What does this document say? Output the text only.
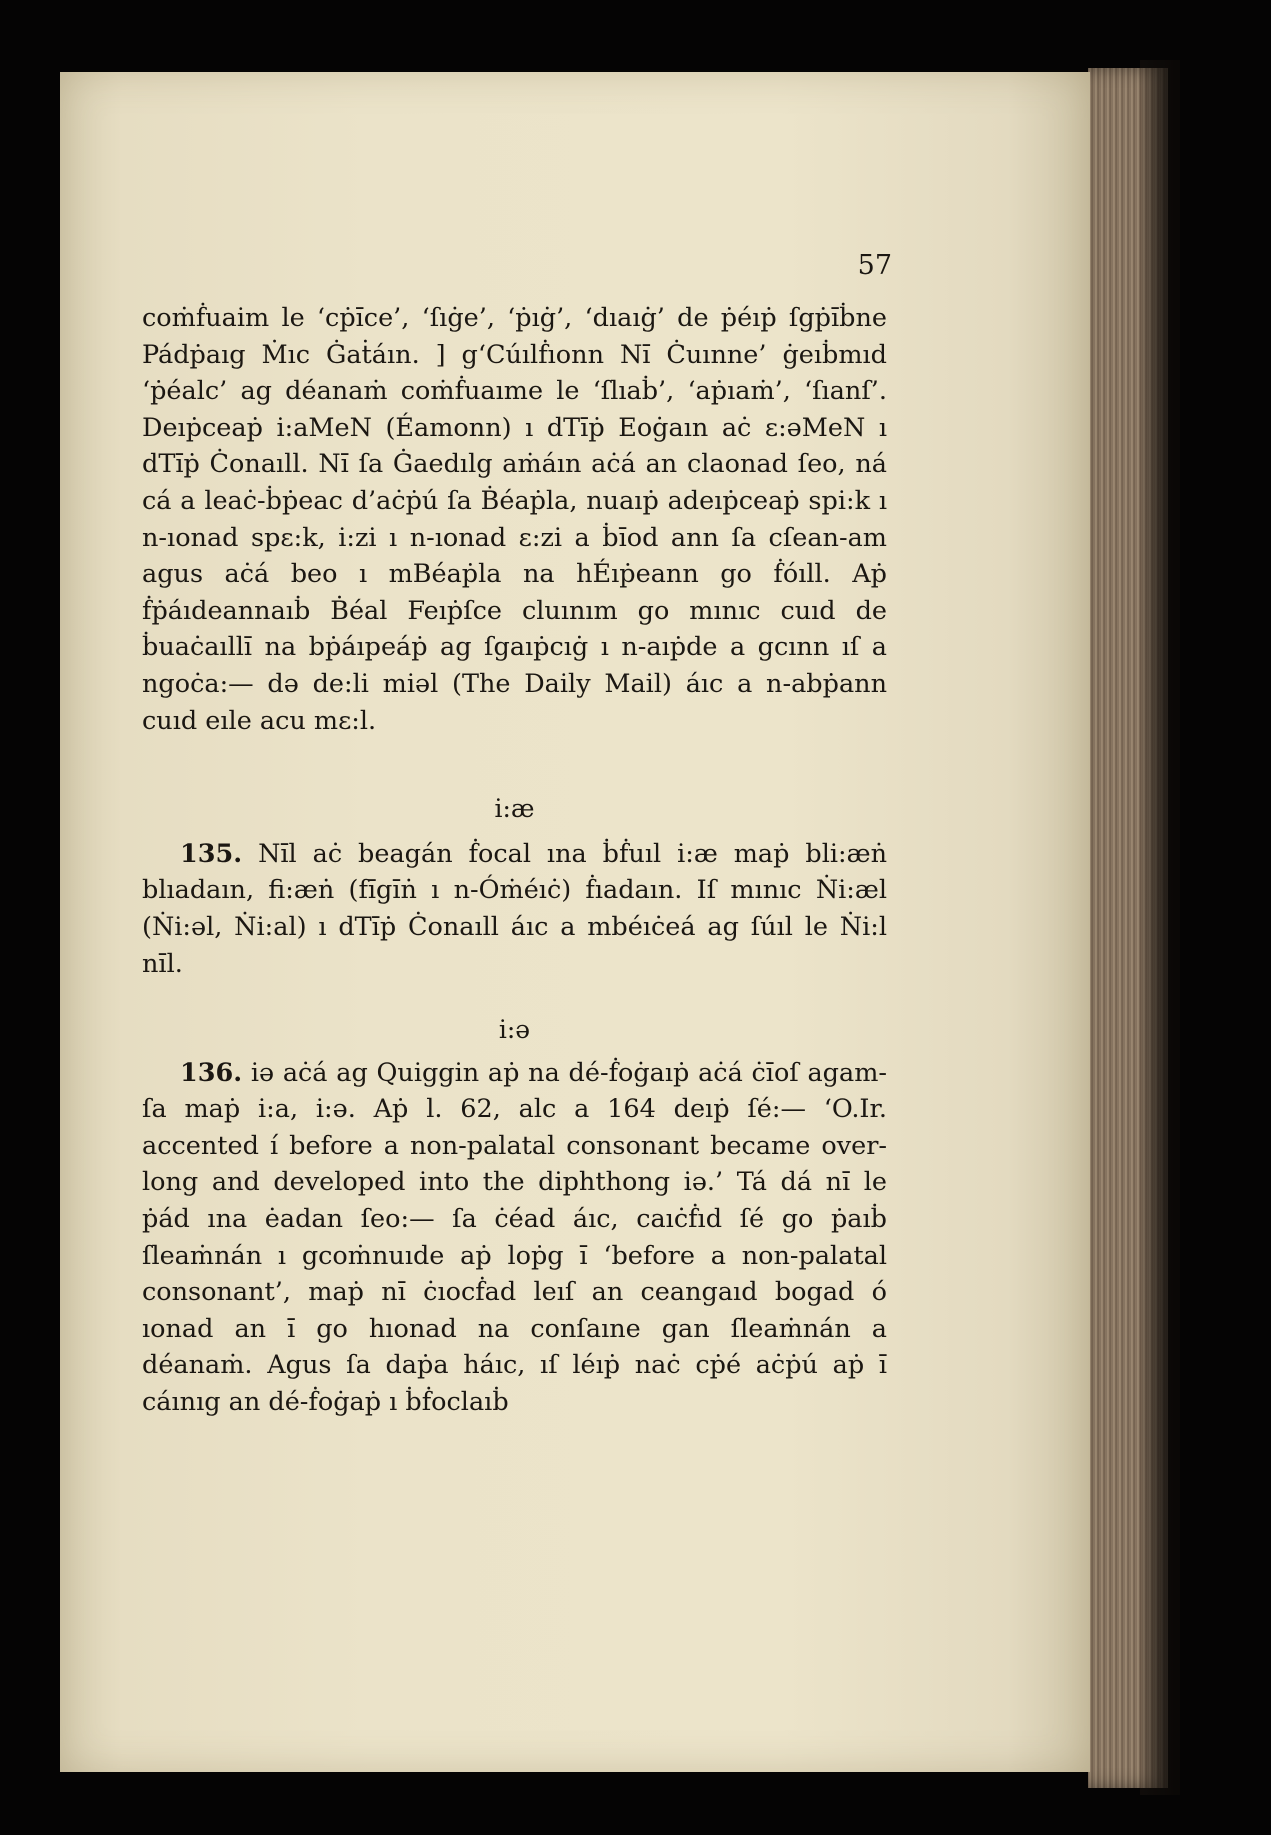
57

coṁḟuaim le ‘cṗı̄ce’, ‘ſıġe’, ‘ṗıġ’, ‘dıaıġ’ de ṗéıṗ ſgṗı̄ḃne Pádṗaıg Ṁıc Ġaṫáın. ] g‘Cúılḟıonn Nı̄ Ċuınne’ ġeıḃmıd ‘ṗéalc’ ag déanaṁ coṁḟuaıme le ‘ſlıaḃ’, ‘aṗıaṁ’, ‘ſıanſ’. Deıṗceaṗ i:aMeN (Éamonn) ı dTı̄ṗ Eoġaın aċ ɛ:əMeN ı dTı̄ṗ Ċonaıll. Nı̄ ſa Ġaedılg aṁáın aċá an claonad ſeo, ná cá a leaċ-ḃṗeac d’aċṗú ſa Ḃéaṗla, nuaıṗ adeıṗceaṗ spi:k ı n-ıonad spɛ:k, i:zi ı n-ıonad ɛ:zi a ḃı̄od ann ſa cſean-am agus aċá beo ı mBéaṗla na hÉıṗeann go ḟóıll. Aṗ ḟṗáıdeannaıḃ Ḃéal Feıṗſce cluınım go mınıc cuıd de ḃuaċaıllı̄ na bṗáıpeáṗ ag ſgaıṗcıġ ı n-aıṗde a gcınn ıſ a ngoċa:— də de:li miəl (The Daily Mail) áıc a n-abṗann cuıd eıle acu mɛ:l.

i:æ

135. Nı̄l aċ beagán ḟocal ına ḃḟuıl i:æ maṗ bli:æṅ blıadaın, fi:æṅ (fı̄gı̄ṅ ı n-Óṁéıċ) ḟıadaın. Iſ mınıc Ṅi:æl (Ṅi:əl, Ṅi:al) ı dTı̄ṗ Ċonaıll áıc a mbéıċeá ag ſúıl le Ṅi:l nı̄l.

i:ə

136. iə aċá ag Quiggin aṗ na dé-ḟoġaıṗ aċá ċı̄oſ agam-ſa maṗ i:a, i:ə. Aṗ l. 62, alc a 164 deıṗ ſé:— ‘O.Ir. accented í before a non-palatal consonant became over-long and developed into the diphthong iə.’ Tá dá nı̄ le ṗád ına ėadan ſeo:— ſa ċéad áıc, caıċḟıd ſé go ṗaıḃ ſleaṁnán ı gcoṁnuıde aṗ loṗg ı̄ ‘before a non-palatal consonant’, maṗ nı̄ ċıocḟad leıſ an ceangaıd bogad ó ıonad an ı̄ go hıonad na conſaıne gan ſleaṁnán a déanaṁ. Agus ſa daṗa háıc, ıſ léıṗ naċ cṗé aċṗú aṗ ı̄ cáınıg an dé-ḟoġaṗ ı ḃḟoclaıḃ
